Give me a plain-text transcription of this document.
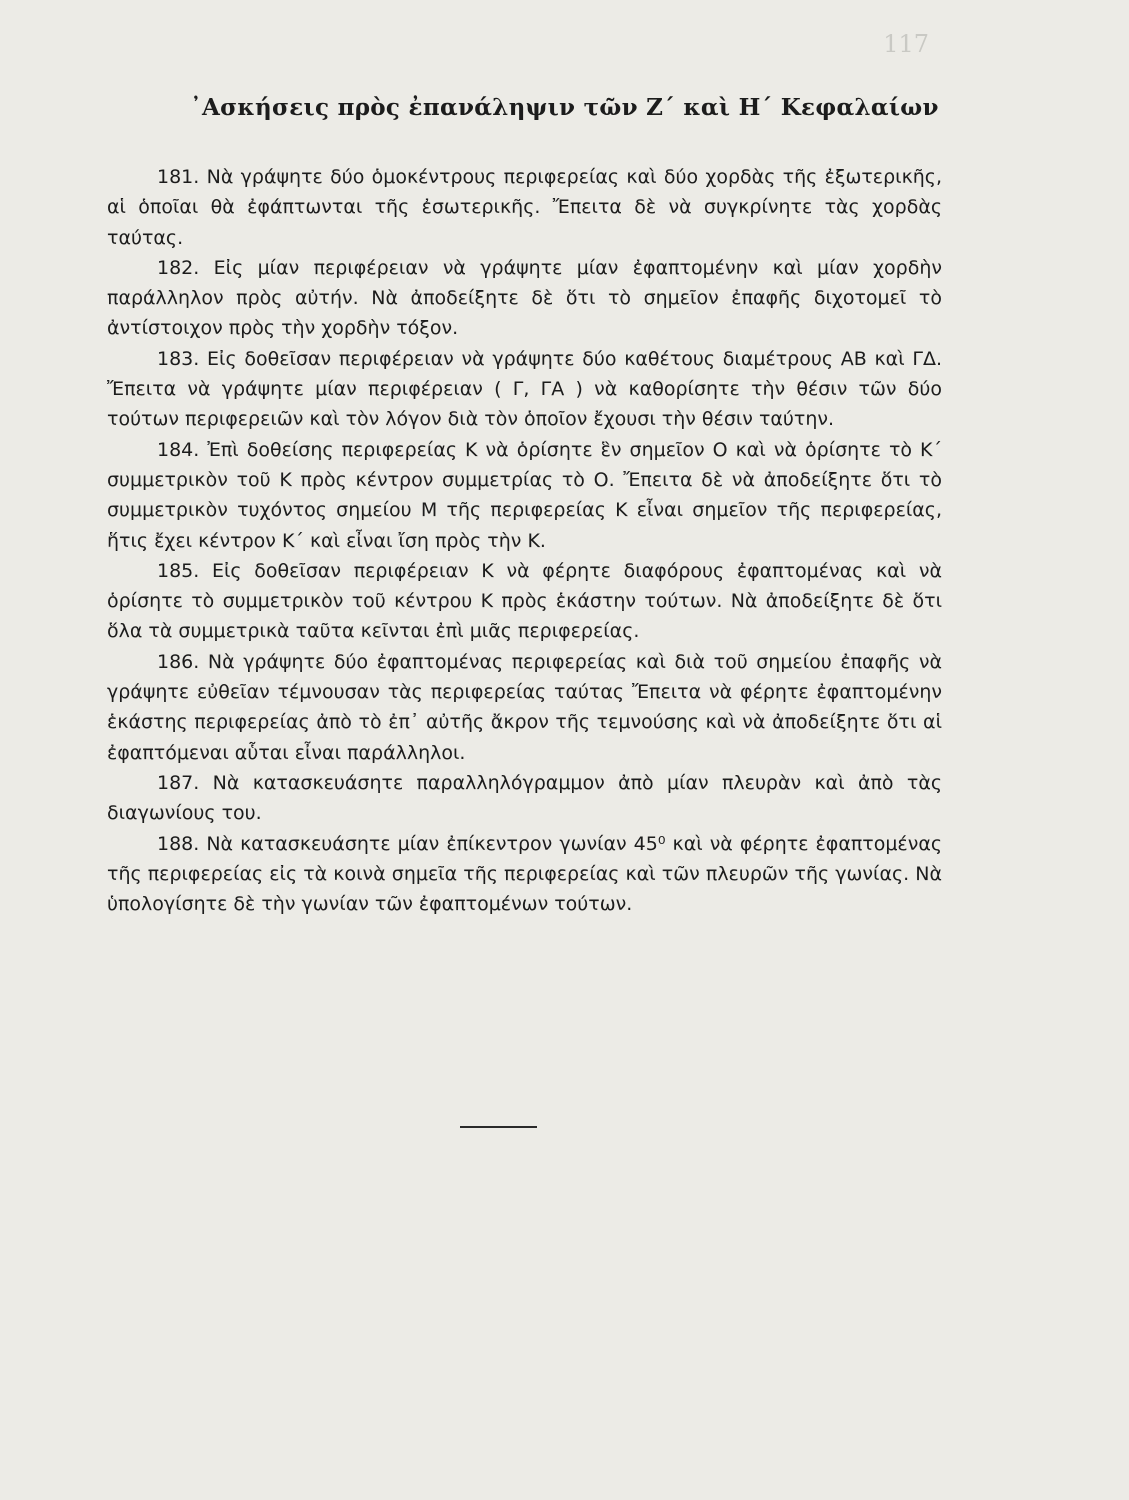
117
᾿Ασκήσεις πρὸς ἐπανάληψιν τῶν Ζ΄ καὶ Η΄ Κεφαλαίων

181. Νὰ γράψητε δύο ὁμοκέντρους περιφερείας καὶ δύο χορδὰς τῆς ἐξωτερικῆς, αἱ ὁποῖαι θὰ ἐφάπτωνται τῆς ἐσωτερικῆς. Ἔπειτα δὲ νὰ συγκρίνητε τὰς χορδὰς ταύτας.

182. Εἰς μίαν περιφέρειαν νὰ γράψητε μίαν ἐφαπτομένην καὶ μίαν χορδὴν παράλληλον πρὸς αὐτήν. Νὰ ἀποδείξητε δὲ ὅτι τὸ σημεῖον ἐπαφῆς διχοτομεῖ τὸ ἀντίστοιχον πρὸς τὴν χορδὴν τόξον.

183. Εἰς δοθεῖσαν περιφέρειαν νὰ γράψητε δύο καθέτους διαμέτρους ΑΒ καὶ ΓΔ. Ἔπειτα νὰ γράψητε μίαν περιφέρειαν ( Γ, ΓΑ ) νὰ καθορίσητε τὴν θέσιν τῶν δύο τούτων περιφερειῶν καὶ τὸν λόγον διὰ τὸν ὁποῖον ἔχουσι τὴν θέσιν ταύτην.

184. Ἐπὶ δοθείσης περιφερείας Κ νὰ ὁρίσητε ἓν σημεῖον Ο καὶ νὰ ὁρίσητε τὸ Κ΄ συμμετρικὸν τοῦ Κ πρὸς κέντρον συμμετρίας τὸ Ο. Ἔπειτα δὲ νὰ ἀποδείξητε ὅτι τὸ συμμετρικὸν τυχόντος σημείου Μ τῆς περιφερείας Κ εἶναι σημεῖον τῆς περιφερείας, ἥτις ἔχει κέντρον Κ΄ καὶ εἶναι ἴση πρὸς τὴν Κ.

185. Εἰς δοθεῖσαν περιφέρειαν Κ νὰ φέρητε διαφόρους ἐφαπτομένας καὶ νὰ ὁρίσητε τὸ συμμετρικὸν τοῦ κέντρου Κ πρὸς ἑκάστην τούτων. Νὰ ἀποδείξητε δὲ ὅτι ὅλα τὰ συμμετρικὰ ταῦτα κεῖνται ἐπὶ μιᾶς περιφερείας.

186. Νὰ γράψητε δύο ἐφαπτομένας περιφερείας καὶ διὰ τοῦ σημείου ἐπαφῆς νὰ γράψητε εὐθεῖαν τέμνουσαν τὰς περιφερείας ταύτας Ἔπειτα νὰ φέρητε ἐφαπτομένην ἑκάστης περιφερείας ἀπὸ τὸ ἐπ᾿ αὐτῆς ἄκρον τῆς τεμνούσης καὶ νὰ ἀποδείξητε ὅτι αἱ ἐφαπτόμεναι αὗται εἶναι παράλληλοι.

187. Νὰ κατασκευάσητε παραλληλόγραμμον ἀπὸ μίαν πλευρὰν καὶ ἀπὸ τὰς διαγωνίους του.

188. Νὰ κατασκευάσητε μίαν ἐπίκεντρον γωνίαν 45⁰ καὶ νὰ φέρητε ἐφαπτομένας τῆς περιφερείας εἰς τὰ κοινὰ σημεῖα τῆς περιφερείας καὶ τῶν πλευρῶν τῆς γωνίας. Νὰ ὑπολογίσητε δὲ τὴν γωνίαν τῶν ἐφαπτομένων τούτων.
